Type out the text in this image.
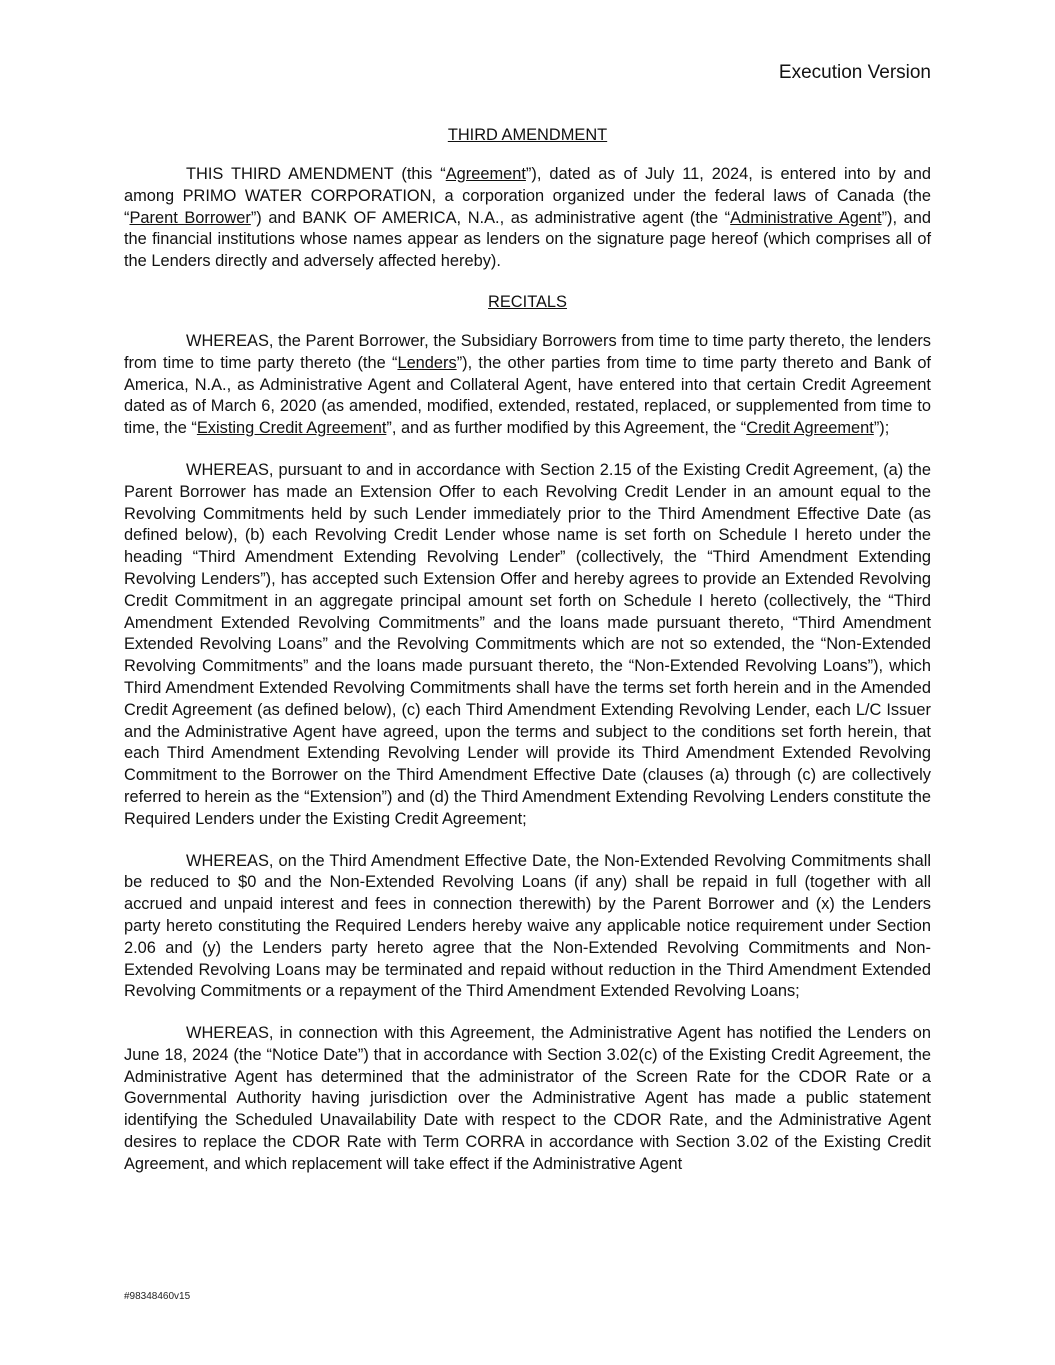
Execution Version

THIRD AMENDMENT

THIS THIRD AMENDMENT (this “Agreement”), dated as of July 11, 2024, is entered into by and among PRIMO WATER CORPORATION, a corporation organized under the federal laws of Canada (the “Parent Borrower”) and BANK OF AMERICA, N.A., as administrative agent (the “Administrative Agent”), and the financial institutions whose names appear as lenders on the signature page hereof (which comprises all of the Lenders directly and adversely affected hereby).

RECITALS

WHEREAS, the Parent Borrower, the Subsidiary Borrowers from time to time party thereto, the lenders from time to time party thereto (the “Lenders”), the other parties from time to time party thereto and Bank of America, N.A., as Administrative Agent and Collateral Agent, have entered into that certain Credit Agreement dated as of March 6, 2020 (as amended, modified, extended, restated, replaced, or supplemented from time to time, the “Existing Credit Agreement”, and as further modified by this Agreement, the “Credit Agreement”);

WHEREAS, pursuant to and in accordance with Section 2.15 of the Existing Credit Agreement, (a) the Parent Borrower has made an Extension Offer to each Revolving Credit Lender in an amount equal to the Revolving Commitments held by such Lender immediately prior to the Third Amendment Effective Date (as defined below), (b) each Revolving Credit Lender whose name is set forth on Schedule I hereto under the heading “Third Amendment Extending Revolving Lender” (collectively, the “Third Amendment Extending Revolving Lenders”), has accepted such Extension Offer and hereby agrees to provide an Extended Revolving Credit Commitment in an aggregate principal amount set forth on Schedule I hereto (collectively, the “Third Amendment Extended Revolving Commitments” and the loans made pursuant thereto, “Third Amendment Extended Revolving Loans” and the Revolving Commitments which are not so extended, the “Non-Extended Revolving Commitments” and the loans made pursuant thereto, the “Non-Extended Revolving Loans”), which Third Amendment Extended Revolving Commitments shall have the terms set forth herein and in the Amended Credit Agreement (as defined below), (c) each Third Amendment Extending Revolving Lender, each L/C Issuer and the Administrative Agent have agreed, upon the terms and subject to the conditions set forth herein, that each Third Amendment Extending Revolving Lender will provide its Third Amendment Extended Revolving Commitment to the Borrower on the Third Amendment Effective Date (clauses (a) through (c) are collectively referred to herein as the “Extension”) and (d) the Third Amendment Extending Revolving Lenders constitute the Required Lenders under the Existing Credit Agreement;

WHEREAS, on the Third Amendment Effective Date, the Non-Extended Revolving Commitments shall be reduced to $0 and the Non-Extended Revolving Loans (if any) shall be repaid in full (together with all accrued and unpaid interest and fees in connection therewith) by the Parent Borrower and (x) the Lenders party hereto constituting the Required Lenders hereby waive any applicable notice requirement under Section 2.06 and (y) the Lenders party hereto agree that the Non-Extended Revolving Commitments and Non-Extended Revolving Loans may be terminated and repaid without reduction in the Third Amendment Extended Revolving Commitments or a repayment of the Third Amendment Extended Revolving Loans;

WHEREAS, in connection with this Agreement, the Administrative Agent has notified the Lenders on June 18, 2024 (the “Notice Date”) that in accordance with Section 3.02(c) of the Existing Credit Agreement, the Administrative Agent has determined that the administrator of the Screen Rate for the CDOR Rate or a Governmental Authority having jurisdiction over the Administrative Agent has made a public statement identifying the Scheduled Unavailability Date with respect to the CDOR Rate, and the Administrative Agent desires to replace the CDOR Rate with Term CORRA in accordance with Section 3.02 of the Existing Credit Agreement, and which replacement will take effect if the Administrative Agent

#98348460v15
